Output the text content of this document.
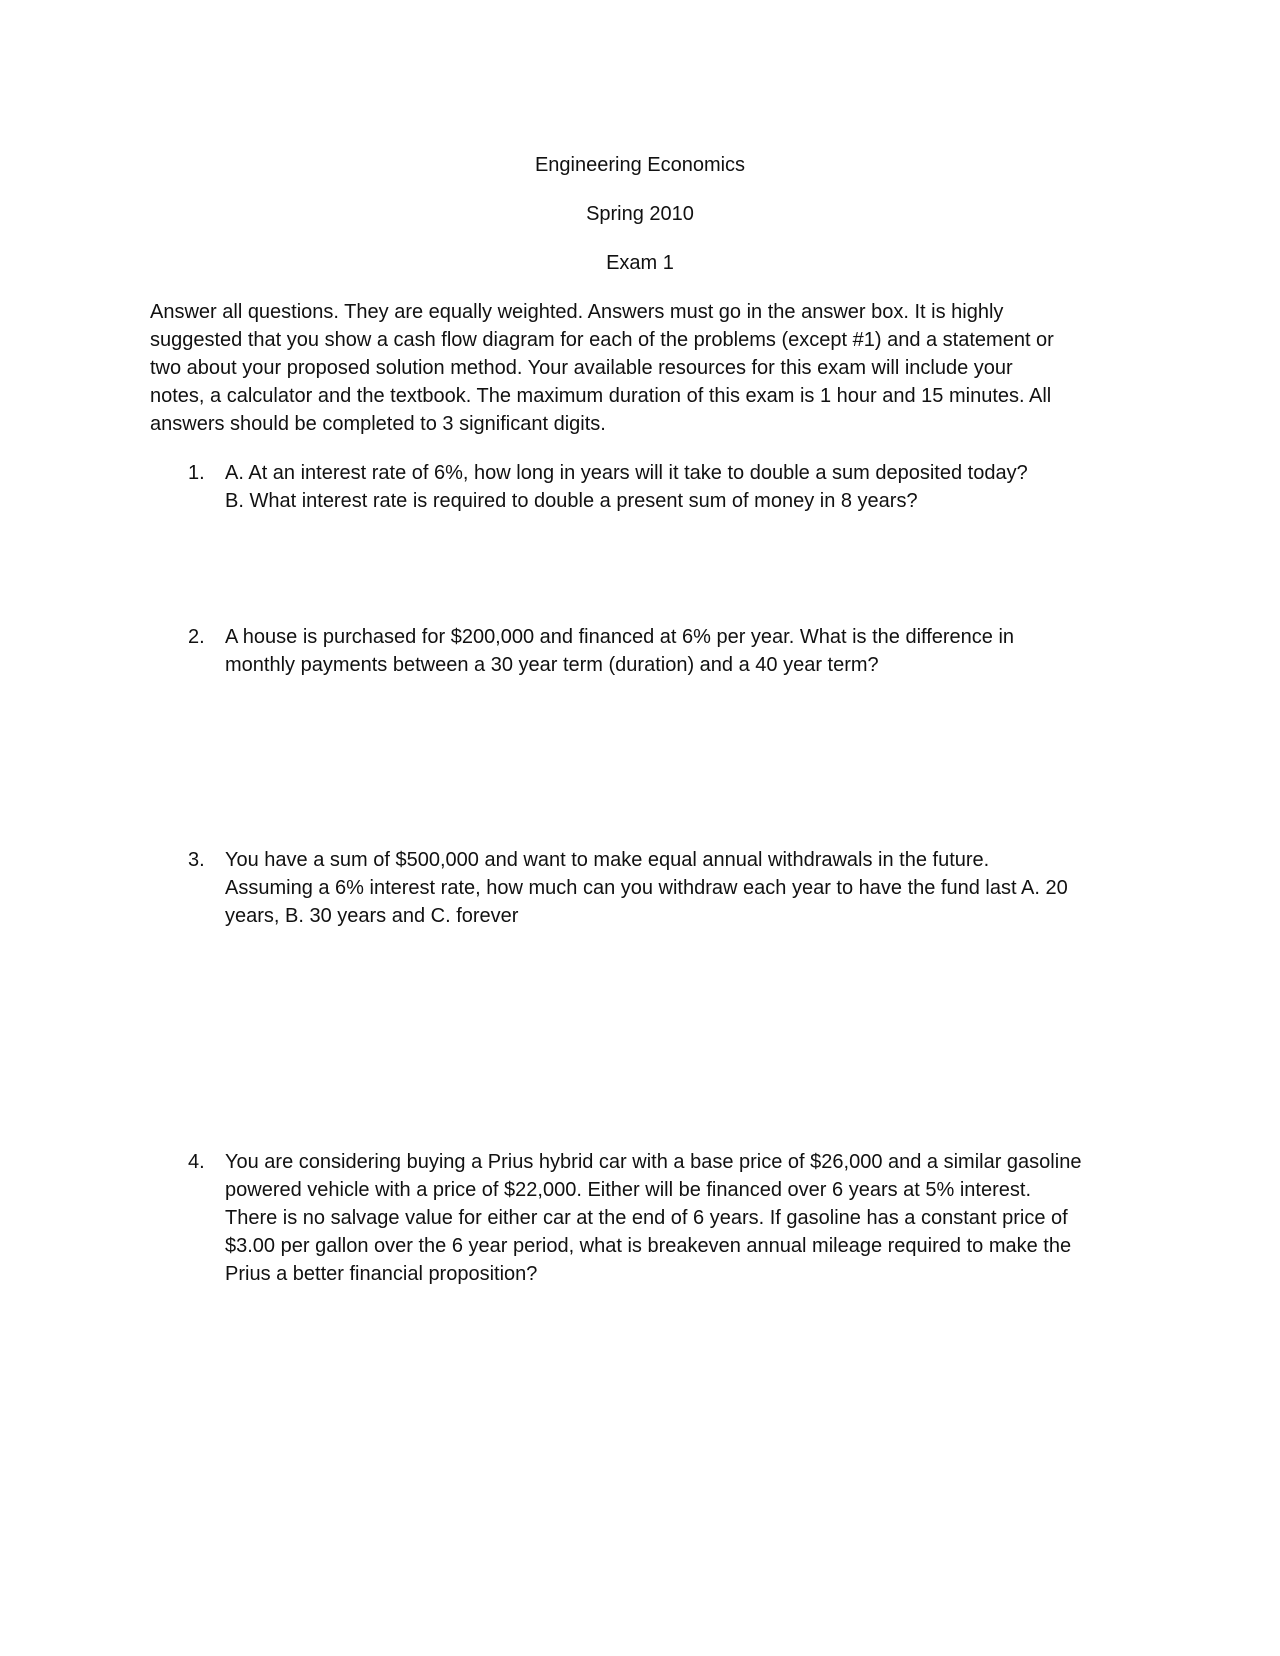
Engineering Economics
Spring 2010
Exam 1

Answer all questions. They are equally weighted. Answers must go in the answer box. It is highly

suggested that you show a cash flow diagram for each of the problems (except #1) and a statement or

two about your proposed solution method. Your available resources for this exam will include your

notes, a calculator and the textbook. The maximum duration of this exam is 1 hour and 15 minutes. All

answers should be completed to 3 significant digits.

1.	A. At an interest rate of 6%, how long in years will it take to double a sum deposited today?
B. What interest rate is required to double a present sum of money in 8 years?
2.	A house is purchased for $200,000 and financed at 6% per year. What is the difference in
monthly payments between a 30 year term (duration) and a 40 year term?
3.	You have a sum of $500,000 and want to make equal annual withdrawals in the future.
Assuming a 6% interest rate, how much can you withdraw each year to have the fund last A. 20
years, B. 30 years and C. forever
4.	You are considering buying a Prius hybrid car with a base price of $26,000 and a similar gasoline
powered vehicle with a price of $22,000. Either will be financed over 6 years at 5% interest.
There is no salvage value for either car at the end of 6 years. If gasoline has a constant price of
$3.00 per gallon over the 6 year period, what is breakeven annual mileage required to make the
Prius a better financial proposition?
